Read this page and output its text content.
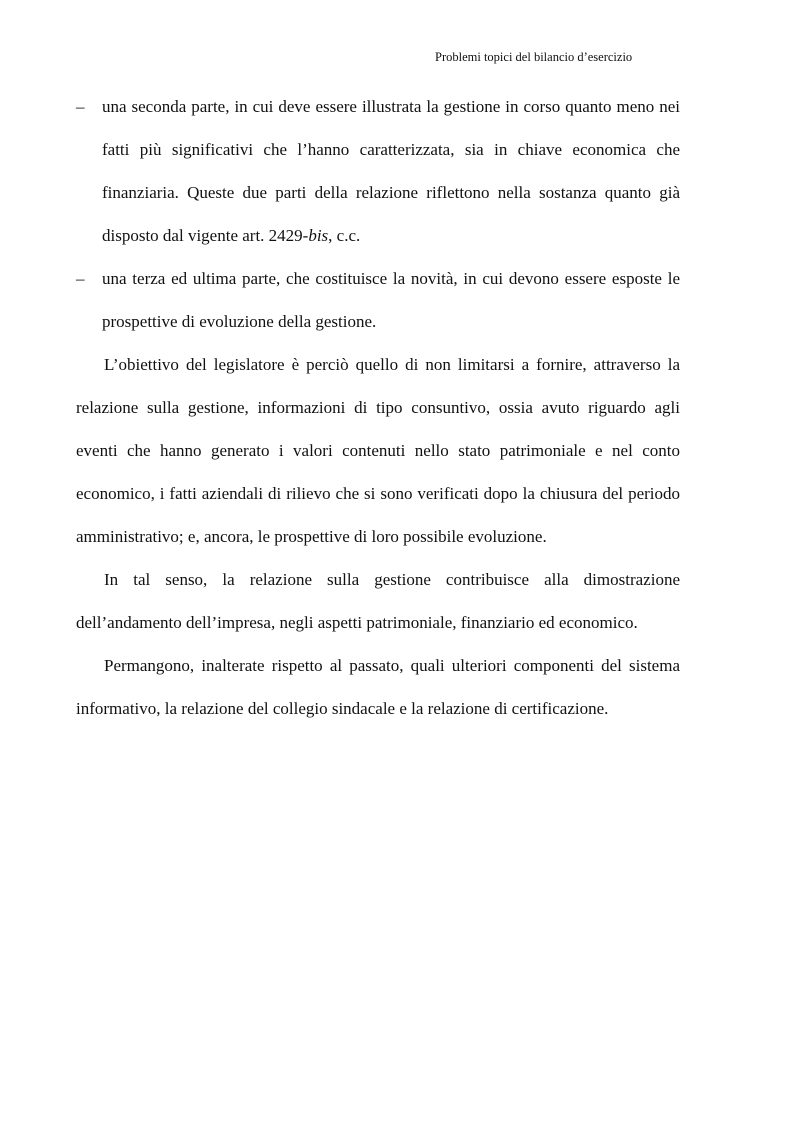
Problemi topici del bilancio d’esercizio

– una seconda parte, in cui deve essere illustrata la gestione in corso quanto meno nei fatti più significativi che l’hanno caratterizzata, sia in chiave economica che finanziaria. Queste due parti della relazione riflettono nella sostanza quanto già disposto dal vigente art. 2429-bis, c.c.

– una terza ed ultima parte, che costituisce la novità, in cui devono essere esposte le prospettive di evoluzione della gestione.

L’obiettivo del legislatore è perciò quello di non limitarsi a fornire, attraverso la relazione sulla gestione, informazioni di tipo consuntivo, ossia avuto riguardo agli eventi che hanno generato i valori contenuti nello stato patrimoniale e nel conto economico, i fatti aziendali di rilievo che si sono verificati dopo la chiusura del periodo amministrativo; e, ancora, le prospettive di loro possibile evoluzione.

In tal senso, la relazione sulla gestione contribuisce alla dimostrazione dell’andamento dell’impresa, negli aspetti patrimoniale, finanziario ed economico.

Permangono, inalterate rispetto al passato, quali ulteriori componenti del sistema informativo, la relazione del collegio sindacale e la relazione di certificazione.
